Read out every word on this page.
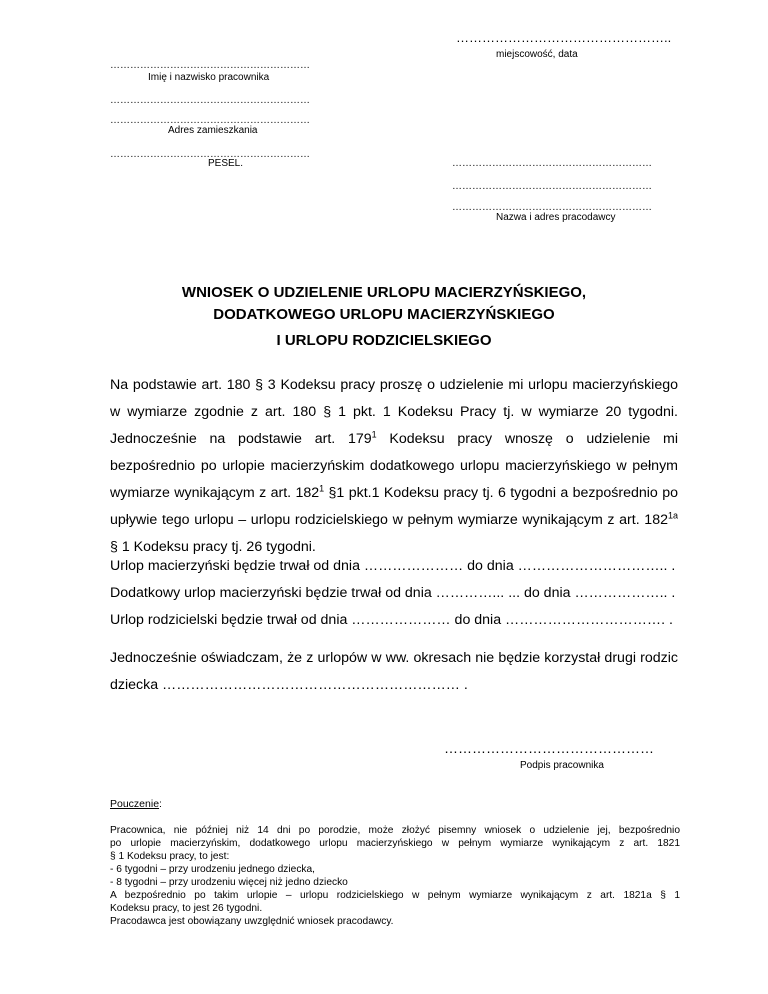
…………………………………………..
miejscowość, data
……………………………………………………
Imię i nazwisko pracownika
……………………………………………………
……………………………………………………
Adres zamieszkania
……………………………………………………
PESEL.	……………………………………………………
……………………………………………………
……………………………………………………
Nazwa i adres pracodawcy
WNIOSEK O UDZIELENIE URLOPU MACIERZYŃSKIEGO,
DODATKOWEGO URLOPU MACIERZYŃSKIEGO
I URLOPU RODZICIELSKIEGO
Na podstawie art. 180 § 3 Kodeksu pracy proszę o udzielenie mi urlopu macierzyńskiego
w wymiarze zgodnie z art. 180 § 1 pkt. 1 Kodeksu Pracy tj. w wymiarze 20 tygodni.
Jednocześnie na podstawie art. $179^1$ Kodeksu pracy wnoszę o udzielenie mi
bezpośrednio po urlopie macierzyńskim dodatkowego urlopu macierzyńskiego w pełnym
wymiarze wynikającym z art. $182^1$ §1 pkt.1 Kodeksu pracy tj. 6 tygodni a bezpośrednio po
upływie tego urlopu – urlopu rodzicielskiego w pełnym wymiarze wynikającym z art. $182^{1a}$
§ 1 Kodeksu pracy tj. 26 tygodni.
Urlop macierzyński będzie trwał od dnia ………………… do dnia ………………………….. .
Dodatkowy urlop macierzyński będzie trwał od dnia …………... ... do dnia ……………….. .
Urlop rodzicielski będzie trwał od dnia ………………… do dnia ……………………………. .
Jednocześnie oświadczam, że z urlopów w ww. okresach nie będzie korzystał drugi rodzic
dziecka ……………………………………………………… .
………………………………………
Podpis pracownika
Pouczenie:
Pracownica, nie później niż 14 dni po porodzie, może złożyć pisemny wniosek o udzielenie jej, bezpośrednio
po urlopie macierzyńskim, dodatkowego urlopu macierzyńskiego w pełnym wymiarze wynikającym z art. 1821
§ 1 Kodeksu pracy, to jest:
- 6 tygodni – przy urodzeniu jednego dziecka,
- 8 tygodni – przy urodzeniu więcej niż jedno dziecko
A bezpośrednio po takim urlopie – urlopu rodzicielskiego w pełnym wymiarze wynikającym z art. 1821a § 1
Kodeksu pracy, to jest 26 tygodni.
Pracodawca jest obowiązany uwzględnić wniosek pracodawcy.
